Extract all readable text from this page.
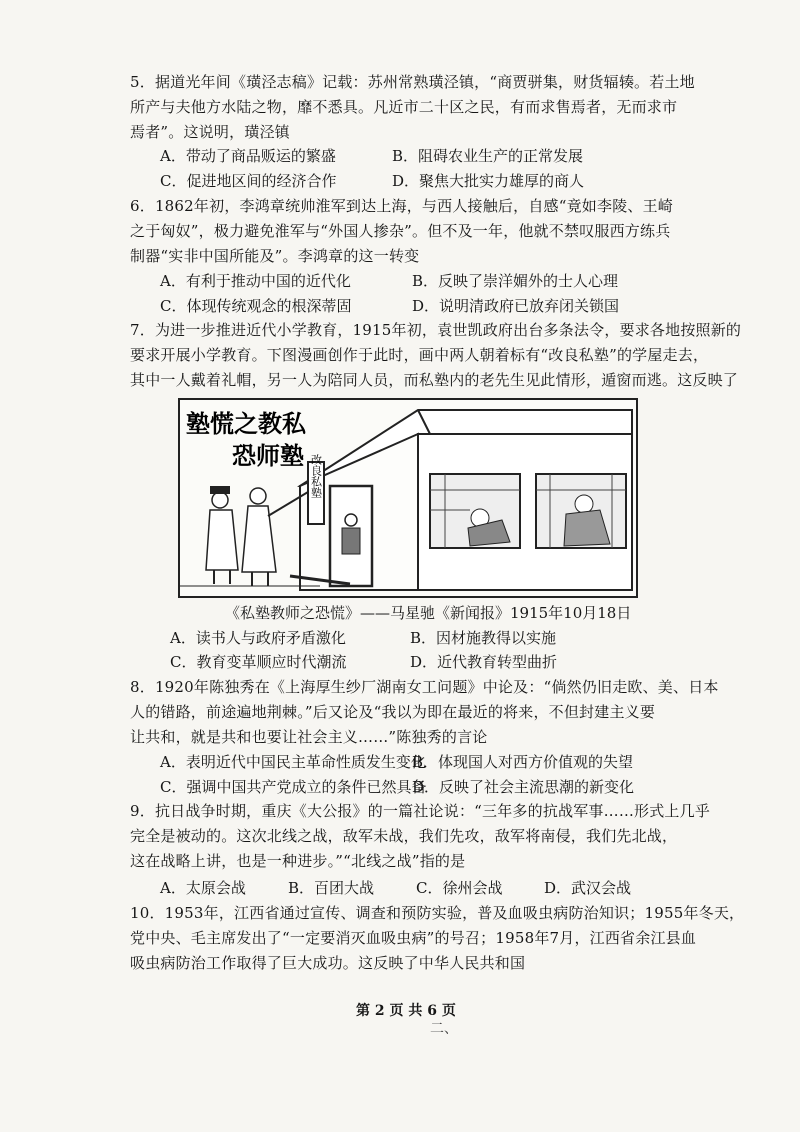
5．据道光年间《璜泾志稿》记载：苏州常熟璜泾镇，“商贾骈集，财货辐辏。若土地
所产与夫他方水陆之物，靡不悉具。凡近市二十区之民，有而求售焉者，无而求市
焉者”。这说明，璜泾镇
A．带动了商品贩运的繁盛	B．阻碍农业生产的正常发展
C．促进地区间的经济合作	D．聚焦大批实力雄厚的商人
6．1862年初，李鸿章统帅淮军到达上海，与西人接触后，自感“竟如李陵、王崎
之于匈奴”，极力避免淮军与“外国人掺杂”。但不及一年，他就不禁叹服西方练兵
制器“实非中国所能及”。李鸿章的这一转变
A．有利于推动中国的近代化	B．反映了崇洋媚外的士人心理
C．体现传统观念的根深蒂固	D．说明清政府已放弃闭关锁国
7．为进一步推进近代小学教育，1915年初，袁世凯政府出台多条法令，要求各地按照新的
要求开展小学教育。下图漫画创作于此时，画中两人朝着标有“改良私塾”的学屋走去，
其中一人戴着礼帽，另一人为陪同人员，而私塾内的老先生见此情形，遁窗而逃。这反映了
塾慌之教私
恐师塾 改良私塾
《私塾教师之恐慌》——马星驰《新闻报》1915年10月18日
A．读书人与政府矛盾激化	B．因材施教得以实施
C．教育变革顺应时代潮流	D．近代教育转型曲折
8．1920年陈独秀在《上海厚生纱厂湖南女工问题》中论及：“倘然仍旧走欧、美、日本
人的错路，前途遍地荆棘。”后又论及“我以为即在最近的将来，不但封建主义要
让共和，就是共和也要让社会主义……”陈独秀的言论
A．表明近代中国民主革命性质发生变化
B．体现国人对西方价值观的失望
C．强调中国共产党成立的条件已然具备
D．反映了社会主流思潮的新变化
9．抗日战争时期，重庆《大公报》的一篇社论说：“三年多的抗战军事……形式上几乎
完全是被动的。这次北线之战，敌军未战，我们先攻，敌军将南侵，我们先北战，
这在战略上讲，也是一种进步。”“北线之战”指的是
A．太原会战	B．百团大战	C．徐州会战	D．武汉会战
10．1953年，江西省通过宣传、调查和预防实验，普及血吸虫病防治知识；1955年冬天，
党中央、毛主席发出了“一定要消灭血吸虫病”的号召；1958年7月，江西省余江县血
吸虫病防治工作取得了巨大成功。这反映了中华人民共和国
第 2 页 共 6 页
二、
